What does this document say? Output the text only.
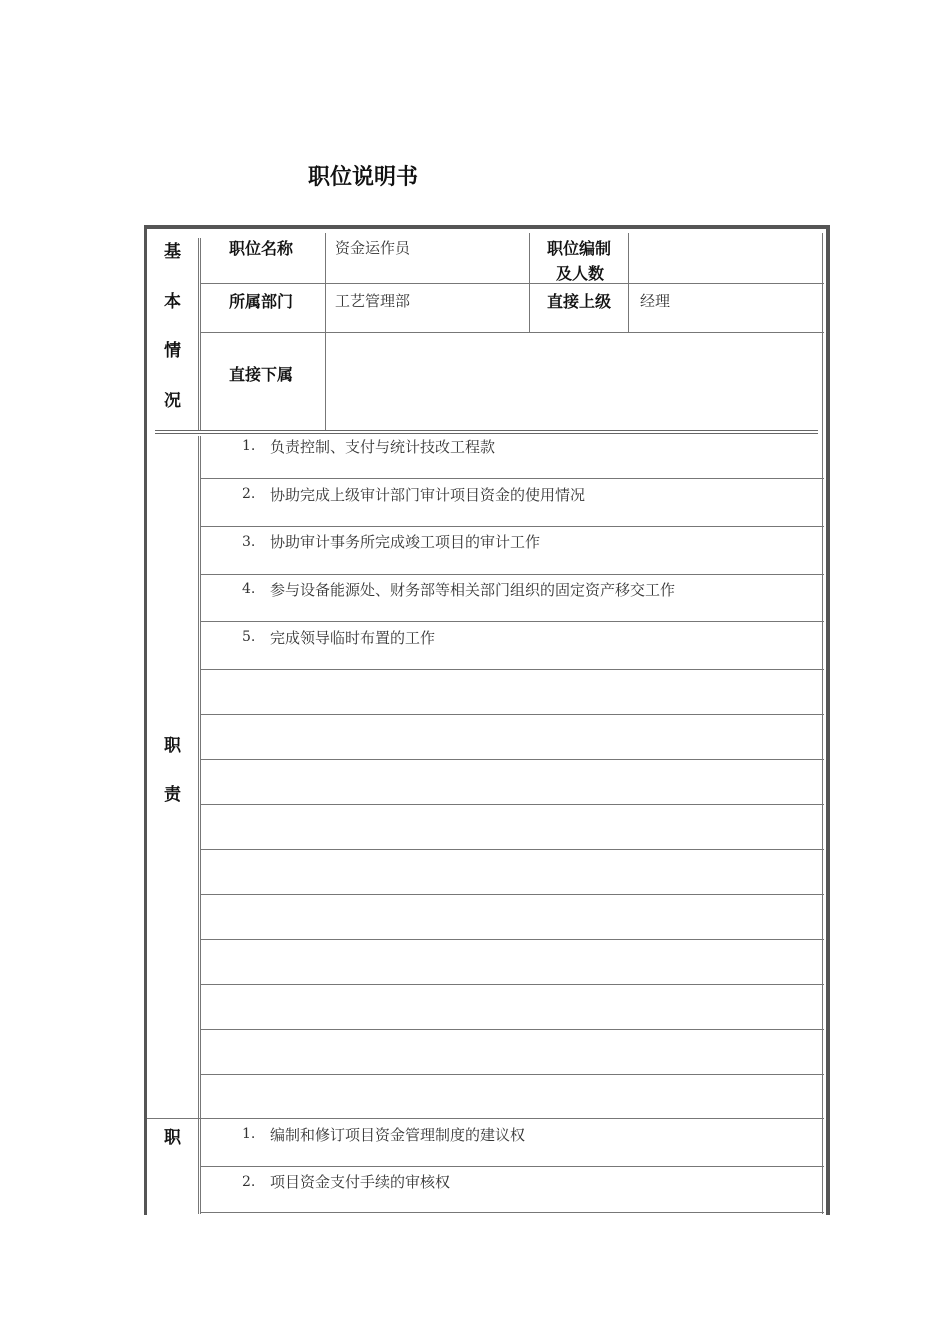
职位说明书
基
本
情
况
职
责
职
职位名称	资金运作员	职位编制
及人数
所属部门	工艺管理部	直接上级 经理
直接下属
1. 负责控制、支付与统计技改工程款
2. 协助完成上级审计部门审计项目资金的使用情况
3. 协助审计事务所完成竣工项目的审计工作
4. 参与设备能源处、财务部等相关部门组织的固定资产移交工作
5. 完成领导临时布置的工作
1. 编制和修订项目资金管理制度的建议权
2. 项目资金支付手续的审核权
